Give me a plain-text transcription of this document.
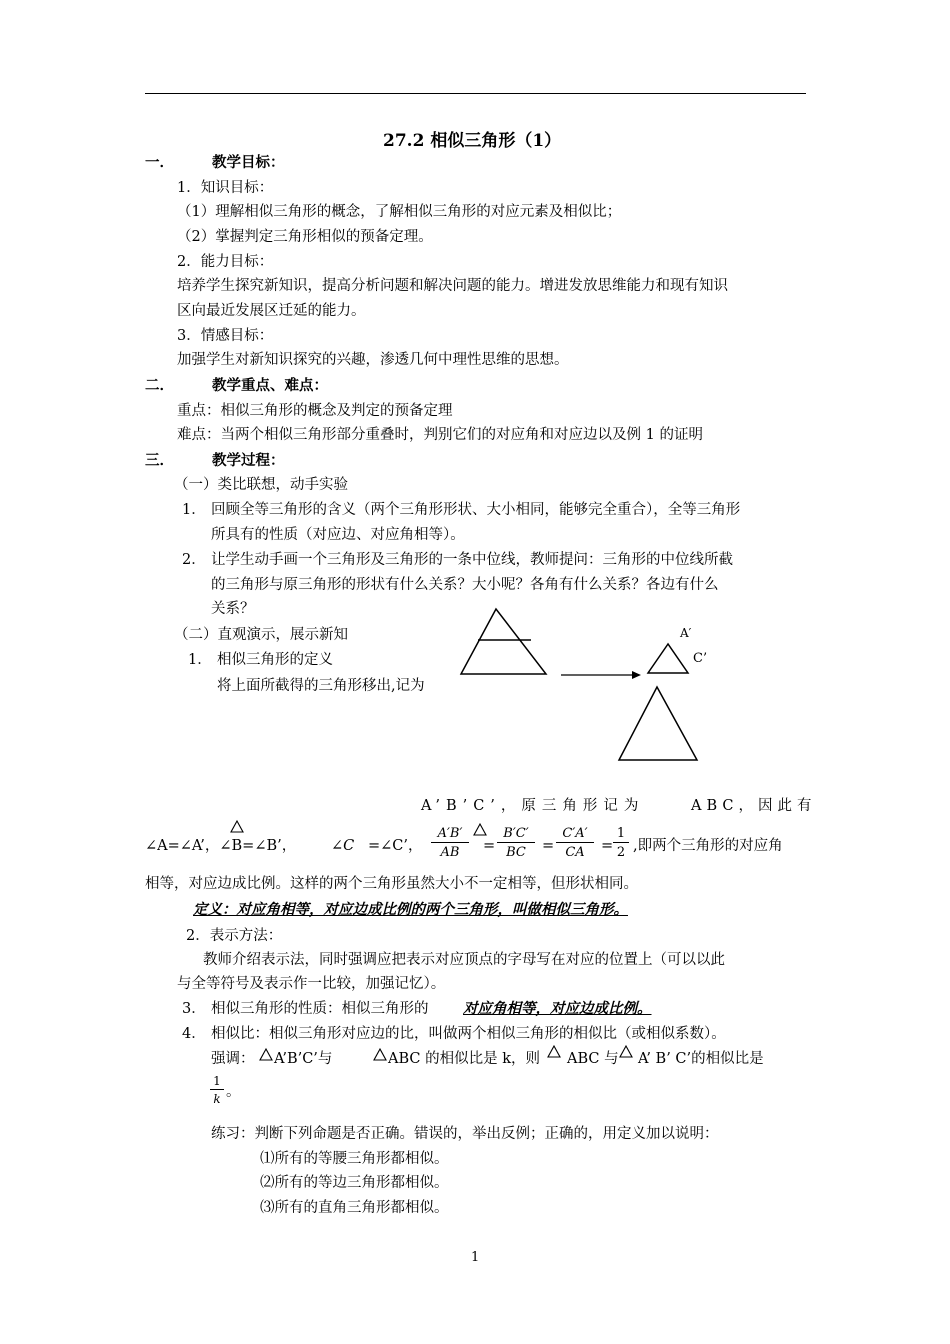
27.2 相似三角形（1）
一．	教学目标：
1．知识目标：
（1）理解相似三角形的概念，了解相似三角形的对应元素及相似比；
（2）掌握判定三角形相似的预备定理。
2．能力目标：
培养学生探究新知识，提高分析问题和解决问题的能力。增进发放思维能力和现有知识
区向最近发展区迁延的能力。
3．情感目标：
加强学生对新知识探究的兴趣，渗透几何中理性思维的思想。
二．	教学重点、难点：
重点：相似三角形的概念及判定的预备定理
难点：当两个相似三角形部分重叠时，判别它们的对应角和对应边以及例 1 的证明
三．	教学过程：
（一）类比联想，动手实验
1． 回顾全等三角形的含义（两个三角形形状、大小相同，能够完全重合），全等三角形
所具有的性质（对应边、对应角相等）。
2． 让学生动手画一个三角形及三角形的一条中位线，教师提问：三角形的中位线所截
的三角形与原三角形的形状有什么关系？大小呢？各角有什么关系？各边有什么
关系？
（二）直观演示，展示新知
1． 相似三角形的定义
将上面所截得的三角形移出,记为
A′
C’
A’B’C’，原三角形记为	ABC，因此有
∠A=∠A’，∠B=∠B’， ∠C =∠C’， $\frac{A'B'}{AB} = \frac{B'C'}{BC} = \frac{C'A'}{CA} = \frac{1}{2}$ ,即两个三角形的对应角
相等，对应边成比例。这样的两个三角形虽然大小不一定相等，但形状相同。
定义：对应角相等，对应边成比例的两个三角形，叫做相似三角形。
2．表示方法：
教师介绍表示法，同时强调应把表示对应顶点的字母写在对应的位置上（可以以此
与全等符号及表示作一比较，加强记忆）。
3． 相似三角形的性质：相似三角形的 对应角相等，对应边成比例。
4． 相似比：相似三角形对应边的比，叫做两个相似三角形的相似比（或相似系数）。
强调： A’B’C’与	ABC 的相似比是 k，则 ABC 与 A’ B’ C’的相似比是
$\frac{1}{k}$ 。
练习：判断下列命题是否正确。错误的，举出反例；正确的，用定义加以说明：
⑴所有的等腰三角形都相似。
⑵所有的等边三角形都相似。
⑶所有的直角三角形都相似。
1
